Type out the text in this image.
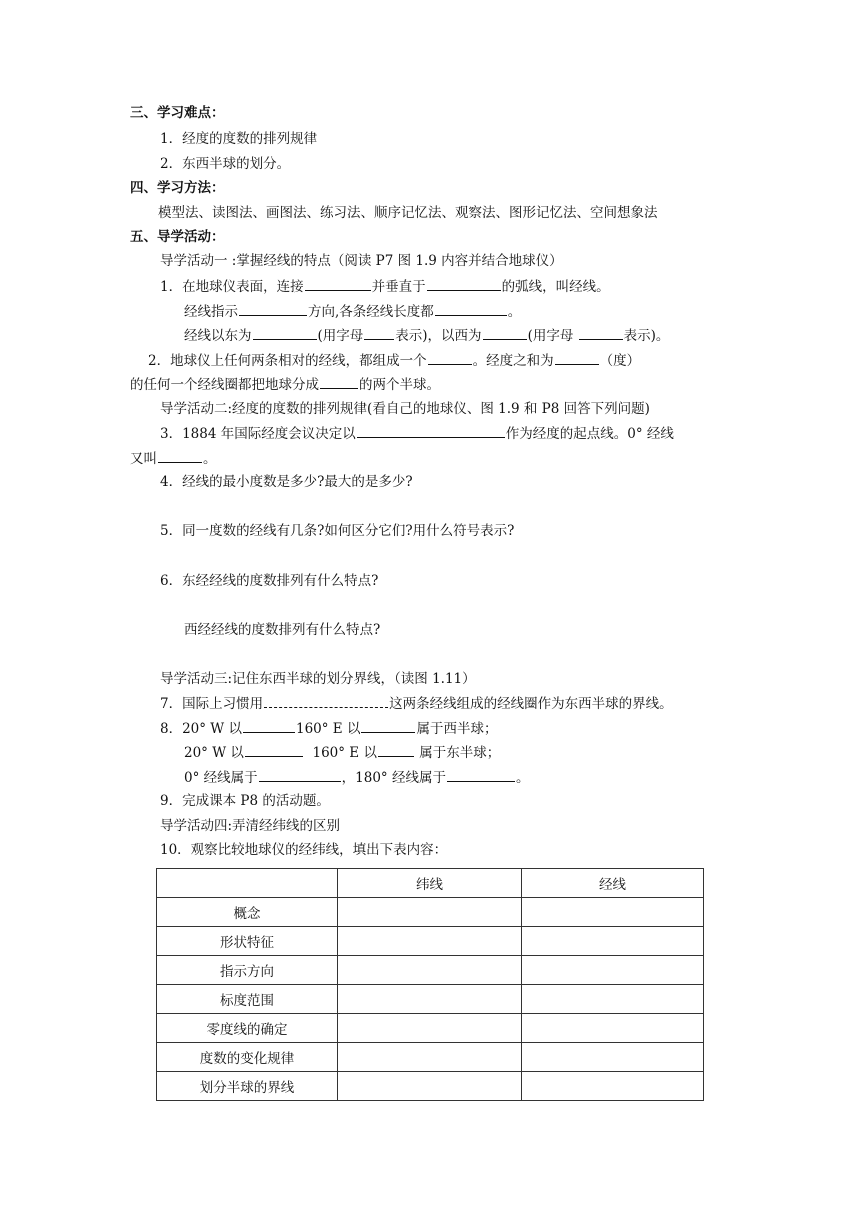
三、学习难点：
1．经度的度数的排列规律
2．东西半球的划分。
四、学习方法：
模型法、读图法、画图法、练习法、顺序记忆法、观察法、图形记忆法、空间想象法
五、导学活动：
导学活动一 :掌握经线的特点（阅读 P7 图 1.9 内容并结合地球仪）
1．在地球仪表面，连接	并垂直于	的弧线，叫经线。
经线指示	方向,各条经线长度都	。
经线以东为	(用字母 表示)，以西为	(用字母	表示)。
2．地球仪上任何两条相对的经线，都组成一个	。经度之和为	（度）
的任何一个经线圈都把地球分成	的两个半球。
导学活动二:经度的度数的排列规律(看自己的地球仪、图 1.9 和 P8 回答下列问题)
3．1884 年国际经度会议决定以	作为经度的起点线。0° 经线
又叫	。
4．经线的最小度数是多少?最大的是多少?
5．同一度数的经线有几条?如何区分它们?用什么符号表示?
6．东经经线的度数排列有什么特点?
西经经线的度数排列有什么特点?
导学活动三:记住东西半球的划分界线，（读图 1.11）
7．国际上习惯用	这两条经线组成的经线圈作为东西半球的界线。
8．20° W 以	160° E 以	属于西半球；
20° W 以	160° E 以	属于东半球；
0° 经线属于	，180° 经线属于	。
9．完成课本 P8 的活动题。
导学活动四:弄清经纬线的区别
10．观察比较地球仪的经纬线，填出下表内容：
	纬线	经线
概念		
形状特征		
指示方向		
标度范围		
零度线的确定		
度数的变化规律		
划分半球的界线		
